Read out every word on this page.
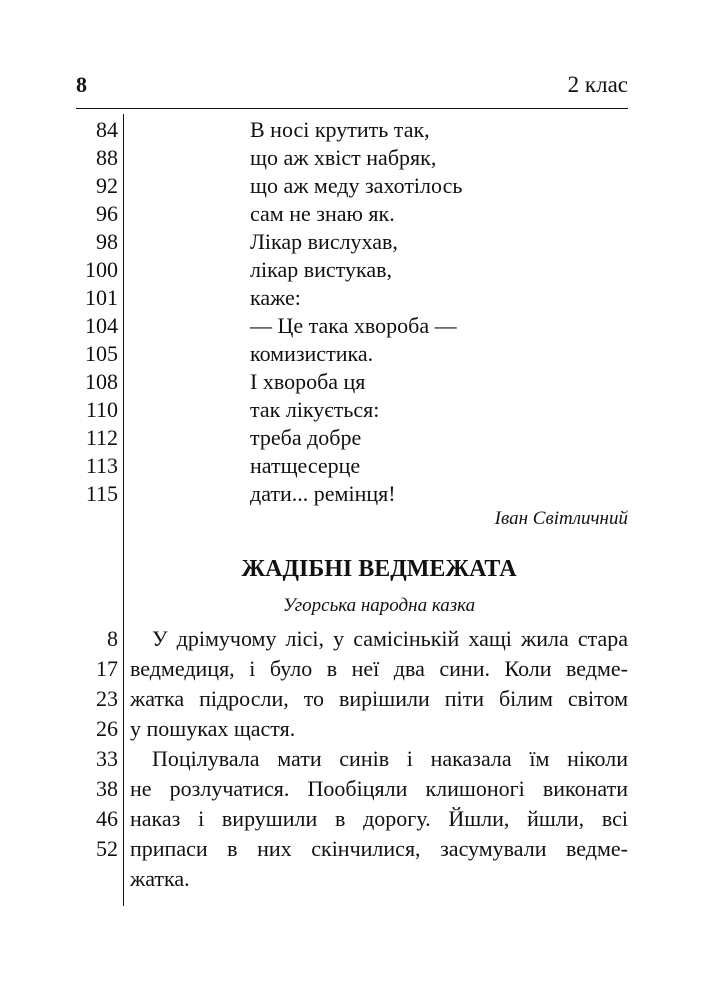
8	2 клас
84
88
92
96
98
100
101
104
105
108
110
112
113
115
В носі крутить так,
що аж хвіст набряк,
що аж меду захотілось
сам не знаю як.
Лікар вислухав,
лікар вистукав,
каже:
— Це така хвороба —
комизистика.
І хвороба ця
так лікується:
треба добре
натщесерце
дати... ремінця!
Іван Світличний
ЖАДІБНІ ВЕДМЕЖАТА
Угорська народна казка
8
17
23
26
33
38
46
52
У дрімучому лісі, у самісінькій хащі жила стара
ведмедиця, і було в неї два сини. Коли ведме-
жатка підросли, то вирішили піти білим світом
у пошуках щастя.
Поцілувала мати синів і наказала їм ніколи
не розлучатися. Пообіцяли клишоногі виконати
наказ і вирушили в дорогу. Йшли, йшли, всі
припаси в них скінчилися, засумували ведме-
жатка.
